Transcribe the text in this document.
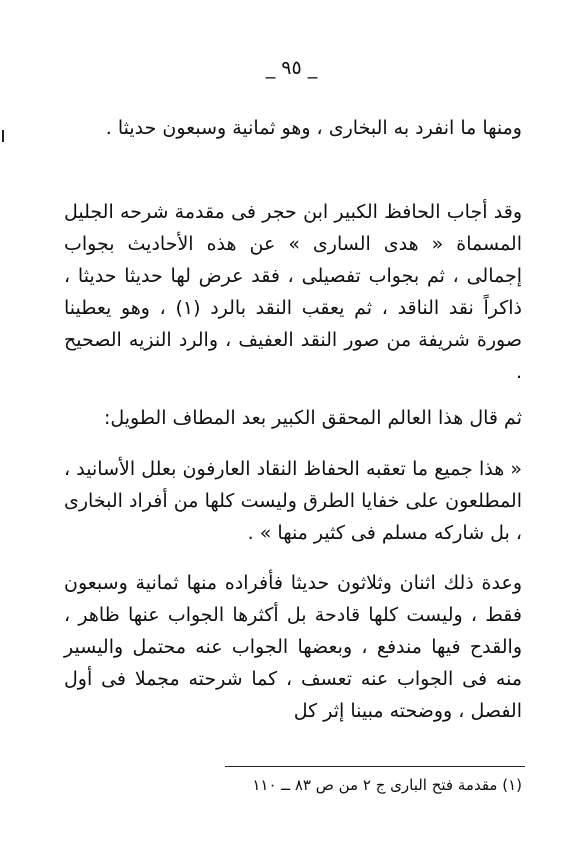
_ ٩٥ _
ومنها ما انفرد به البخارى ، وهو ثمانية وسبعون حديثا .
وقد أجاب الحافظ الكبير ابن حجر فى مقدمة شرحه الجليل المسماة « هدى السارى » عن هذه الأحاديث بجواب إجمالى ، ثم بجواب تفصيلى ، فقد عرض لها حديثا حديثا ، ذاكراً نقد الناقد ، ثم يعقب النقد بالرد (١) ، وهو يعطينا صورة شريفة من صور النقد العفيف ، والرد النزيه الصحيح .
ثم قال هذا العالم المحقق الكبير بعد المطاف الطويل:
« هذا جميع ما تعقبه الحفاظ النقاد العارفون بعلل الأسانيد ، المطلعون على خفايا الطرق وليست كلها من أفراد البخارى ، بل شاركه مسلم فى كثير منها » .
وعدة ذلك اثنان وثلاثون حديثا فأفراده منها ثمانية وسبعون فقط ، وليست كلها قادحة بل أكثرها الجواب عنها ظاهر ، والقدح فيها مندفع ، وبعضها الجواب عنه محتمل واليسير منه فى الجواب عنه تعسف ، كما شرحته مجملا فى أول الفصل ، ووضحته مبينا إثر كل
(١) مقدمة فتح البارى ج ٢ من ص ٨٣ ــ ١١٠
